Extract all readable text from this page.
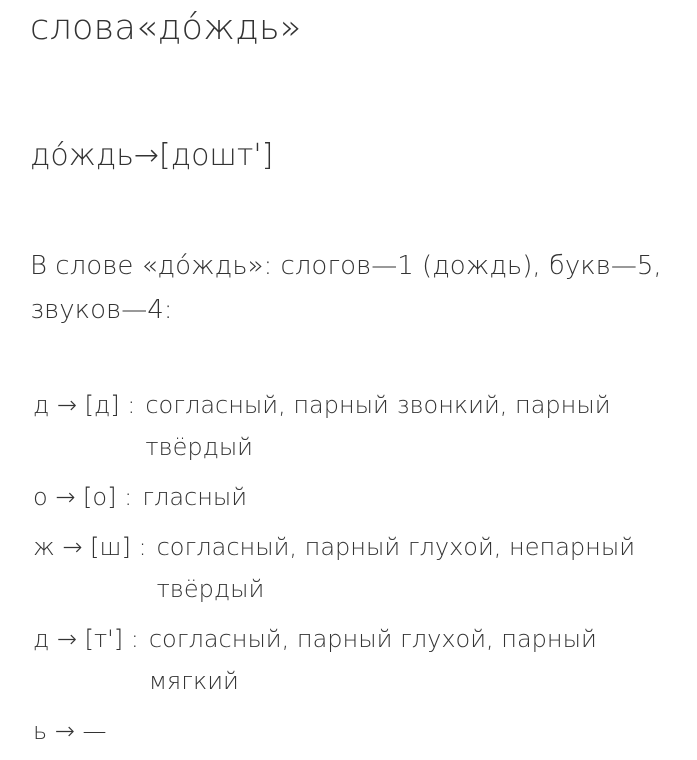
слова«до́ждь»
до́ждь→[дошт']
В слове «до́ждь»: слогов—1 (дождь), букв—5, звуков—4:
д → [д] : согласный, парный звонкий, парный твёрдый
о → [о] : гласный
ж → [ш] : согласный, парный глухой, непарный твёрдый
д → [т'] : согласный, парный глухой, парный мягкий
ь → —
